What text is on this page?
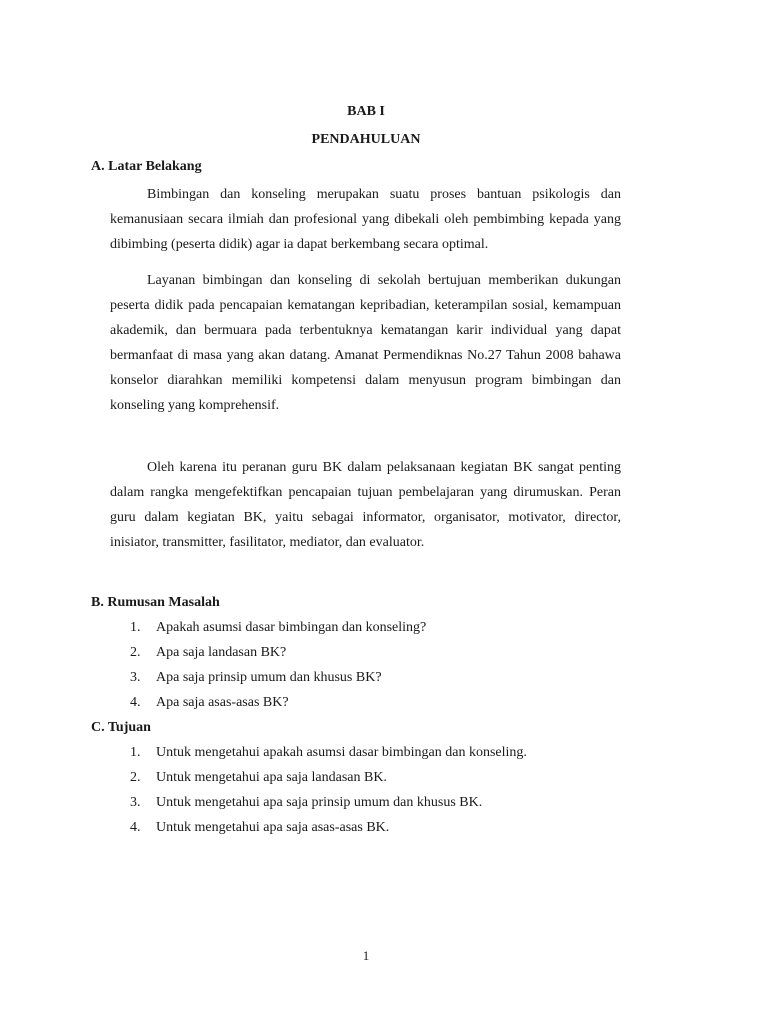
BAB I
PENDAHULUAN
A. Latar Belakang

Bimbingan dan konseling merupakan suatu proses bantuan psikologis dan kemanusiaan secara ilmiah dan profesional yang dibekali oleh pembimbing kepada yang dibimbing (peserta didik) agar ia dapat berkembang secara optimal.

Layanan bimbingan dan konseling di sekolah bertujuan memberikan dukungan peserta didik pada pencapaian kematangan kepribadian, keterampilan sosial, kemampuan akademik, dan bermuara pada terbentuknya kematangan karir individual yang dapat bermanfaat di masa yang akan datang. Amanat Permendiknas No.27 Tahun 2008 bahawa konselor diarahkan memiliki kompetensi dalam menyusun program bimbingan dan konseling yang komprehensif.

Oleh karena itu peranan guru BK dalam pelaksanaan kegiatan BK sangat penting dalam rangka mengefektifkan pencapaian tujuan pembelajaran yang dirumuskan. Peran guru dalam kegiatan BK, yaitu sebagai informator, organisator, motivator, director, inisiator, transmitter, fasilitator, mediator, dan evaluator.

B. Rumusan Masalah
1. Apakah asumsi dasar bimbingan dan konseling?
2. Apa saja landasan BK?
3. Apa saja prinsip umum dan khusus BK?
4. Apa saja asas-asas BK?
C. Tujuan
1. Untuk mengetahui apakah asumsi dasar bimbingan dan konseling.
2. Untuk mengetahui apa saja landasan BK.
3. Untuk mengetahui apa saja prinsip umum dan khusus BK.
4. Untuk mengetahui apa saja asas-asas BK.
1
